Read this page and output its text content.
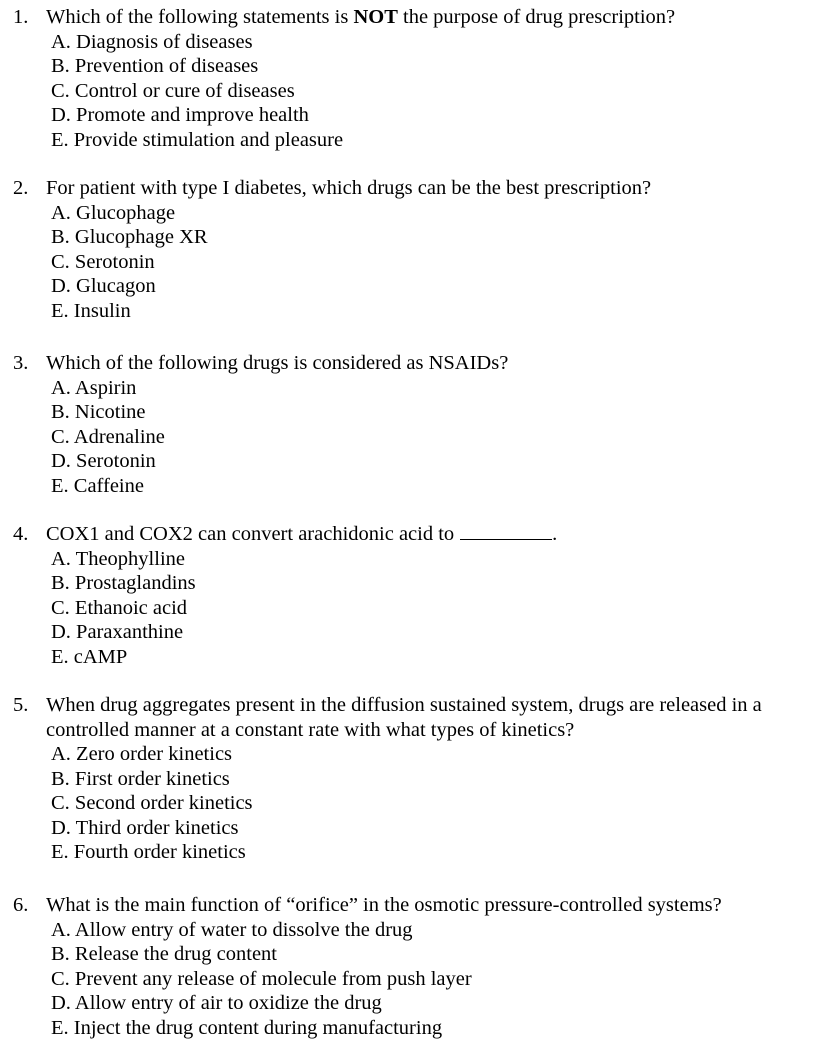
1. Which of the following statements is NOT the purpose of drug prescription?
A. Diagnosis of diseases
B. Prevention of diseases
C. Control or cure of diseases
D. Promote and improve health
E. Provide stimulation and pleasure
2. For patient with type I diabetes, which drugs can be the best prescription?
A. Glucophage
B. Glucophage XR
C. Serotonin
D. Glucagon
E. Insulin
3. Which of the following drugs is considered as NSAIDs?
A. Aspirin
B. Nicotine
C. Adrenaline
D. Serotonin
E. Caffeine
4. COX1 and COX2 can convert arachidonic acid to	.
A. Theophylline
B. Prostaglandins
C. Ethanoic acid
D. Paraxanthine
E. cAMP
5. When drug aggregates present in the diffusion sustained system, drugs are released in a
controlled manner at a constant rate with what types of kinetics?
A. Zero order kinetics
B. First order kinetics
C. Second order kinetics
D. Third order kinetics
E. Fourth order kinetics
6. What is the main function of “orifice” in the osmotic pressure-controlled systems?
A. Allow entry of water to dissolve the drug
B. Release the drug content
C. Prevent any release of molecule from push layer
D. Allow entry of air to oxidize the drug
E. Inject the drug content during manufacturing
